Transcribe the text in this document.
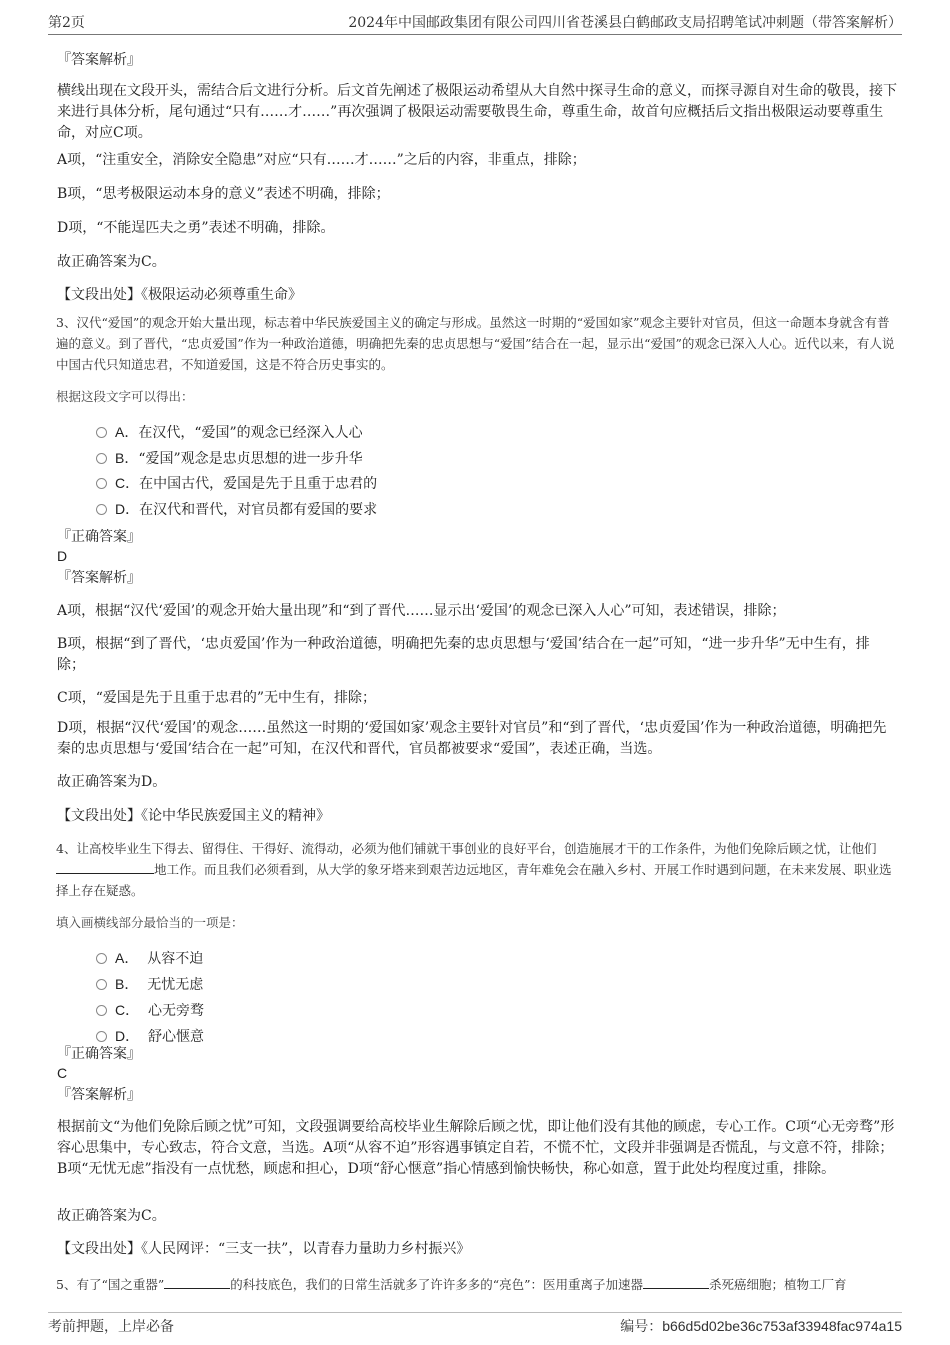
第2页	2024年中国邮政集团有限公司四川省苍溪县白鹤邮政支局招聘笔试冲刺题（带答案解析）
『答案解析』
横线出现在文段开头，需结合后文进行分析。后文首先阐述了极限运动希望从大自然中探寻生命的意义，而探寻源自对生命的敬畏，接下来进行具体分析，尾句通过“只有……才……”再次强调了极限运动需要敬畏生命，尊重生命，故首句应概括后文指出极限运动要尊重生命，对应C项。
A项，“注重安全，消除安全隐患”对应“只有……才……”之后的内容，非重点，排除；
B项，“思考极限运动本身的意义”表述不明确，排除；
D项，“不能逞匹夫之勇”表述不明确，排除。
故正确答案为C。
【文段出处】《极限运动必须尊重生命》
3、汉代“爱国”的观念开始大量出现，标志着中华民族爱国主义的确定与形成。虽然这一时期的“爱国如家”观念主要针对官员，但这一命题本身就含有普遍的意义。到了晋代，“忠贞爱国”作为一种政治道德，明确把先秦的忠贞思想与“爱国”结合在一起，显示出“爱国”的观念已深入人心。近代以来，有人说中国古代只知道忠君，不知道爱国，这是不符合历史事实的。
根据这段文字可以得出：
A．在汉代，“爱国”的观念已经深入人心
B．“爱国”观念是忠贞思想的进一步升华
C．在中国古代，爱国是先于且重于忠君的
D．在汉代和晋代，对官员都有爱国的要求
『正确答案』
D
『答案解析』
A项，根据“汉代‘爱国’的观念开始大量出现”和“到了晋代……显示出‘爱国’的观念已深入人心”可知，表述错误，排除；
B项，根据“到了晋代，‘忠贞爱国’作为一种政治道德，明确把先秦的忠贞思想与‘爱国’结合在一起”可知，“进一步升华”无中生有，排除；
C项，“爱国是先于且重于忠君的”无中生有，排除；
D项，根据“汉代‘爱国’的观念……虽然这一时期的‘爱国如家’观念主要针对官员”和“到了晋代，‘忠贞爱国’作为一种政治道德，明确把先秦的忠贞思想与‘爱国’结合在一起”可知，在汉代和晋代，官员都被要求“爱国”，表述正确，当选。
故正确答案为D。
【文段出处】《论中华民族爱国主义的精神》
4、让高校毕业生下得去、留得住、干得好、流得动，必须为他们铺就干事创业的良好平台，创造施展才干的工作条件，为他们免除后顾之忧，让他们地工作。而且我们必须看到，从大学的象牙塔来到艰苦边远地区，青年难免会在融入乡村、开展工作时遇到问题，在未来发展、职业选择上存在疑惑。
填入画横线部分最恰当的一项是：
A． 从容不迫
B． 无忧无虑
C． 心无旁骛
D． 舒心惬意
『正确答案』
C
『答案解析』
根据前文“为他们免除后顾之忧”可知，文段强调要给高校毕业生解除后顾之忧，即让他们没有其他的顾虑，专心工作。C项“心无旁骛”形容心思集中，专心致志，符合文意，当选。A项“从容不迫”形容遇事镇定自若，不慌不忙，文段并非强调是否慌乱，与文意不符，排除；B项“无忧无虑”指没有一点忧愁，顾虑和担心，D项“舒心惬意”指心情感到愉快畅快，称心如意，置于此处均程度过重，排除。
故正确答案为C。
【文段出处】《人民网评：“三支一扶”，以青春力量助力乡村振兴》
5、有了“国之重器”	的科技底色，我们的日常生活就多了许许多多的“亮色”：医用重离子加速器	杀死癌细胞；植物工厂育
考前押题，上岸必备	编号：b66d5d02be36c753af33948fac974a15
